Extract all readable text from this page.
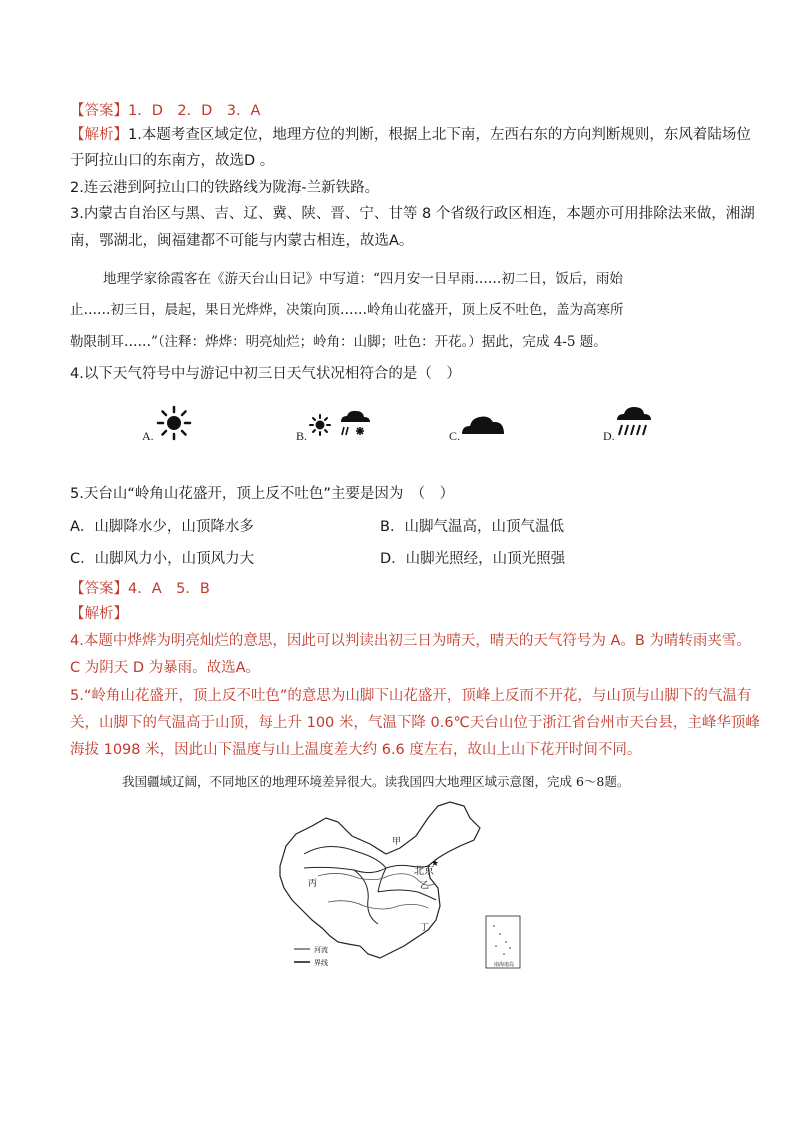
【答案】1．D　2．D　3．A
【解析】1.本题考查区域定位，地理方位的判断，根据上北下南，左西右东的方向判断规则，东风着陆场位
于阿拉山口的东南方，故选D 。
2.连云港到阿拉山口的铁路线为陇海-兰新铁路。
3.内蒙古自治区与黑、吉、辽、冀、陕、晋、宁、甘等 8 个省级行政区相连，本题亦可用排除法来做，湘湖
南，鄂湖北，闽福建都不可能与内蒙古相连，故选A。
地理学家徐霞客在《游天台山日记》中写道：“四月安一日早雨……初二日，饭后，雨始
止……初三日，晨起，果日光烨烨，决策向顶……岭角山花盛开，顶上反不吐色，盖为高寒所
勒限制耳……”（注释：烨烨：明亮灿烂；岭角：山脚；吐色：开花。）据此，完成 4-5 题。
4.以下天气符号中与游记中初三日天气状况相符合的是（　）
A.	B.	C.	D.
5.天台山“岭角山花盛开，顶上反不吐色”主要是因为　（　）
A．山脚降水少，山顶降水多	B．山脚气温高，山顶气温低
C．山脚风力小，山顶风力大	D．山脚光照经，山顶光照强
【答案】4．A　5．B
【解析】
4.本题中烨烨为明亮灿烂的意思，因此可以判读出初三日为晴天，晴天的天气符号为 A。B 为晴转雨夹雪。
C 为阴天 D 为暴雨。故选A。
5.“岭角山花盛开，顶上反不吐色”的意思为山脚下山花盛开，顶峰上反而不开花，与山顶与山脚下的气温有
关，山脚下的气温高于山顶，每上升 100 米，气温下降 0.6℃天台山位于浙江省台州市天台县，主峰华顶峰
海拔 1098 米，因此山下温度与山上温度差大约 6.6 度左右，故山上山下花开时间不同。
我国疆域辽阔，不同地区的地理环境差异很大。读我国四大地理区域示意图，完成 6～8题。
南海诸岛
甲
乙
丙
丁
北京
★
河流
界线
